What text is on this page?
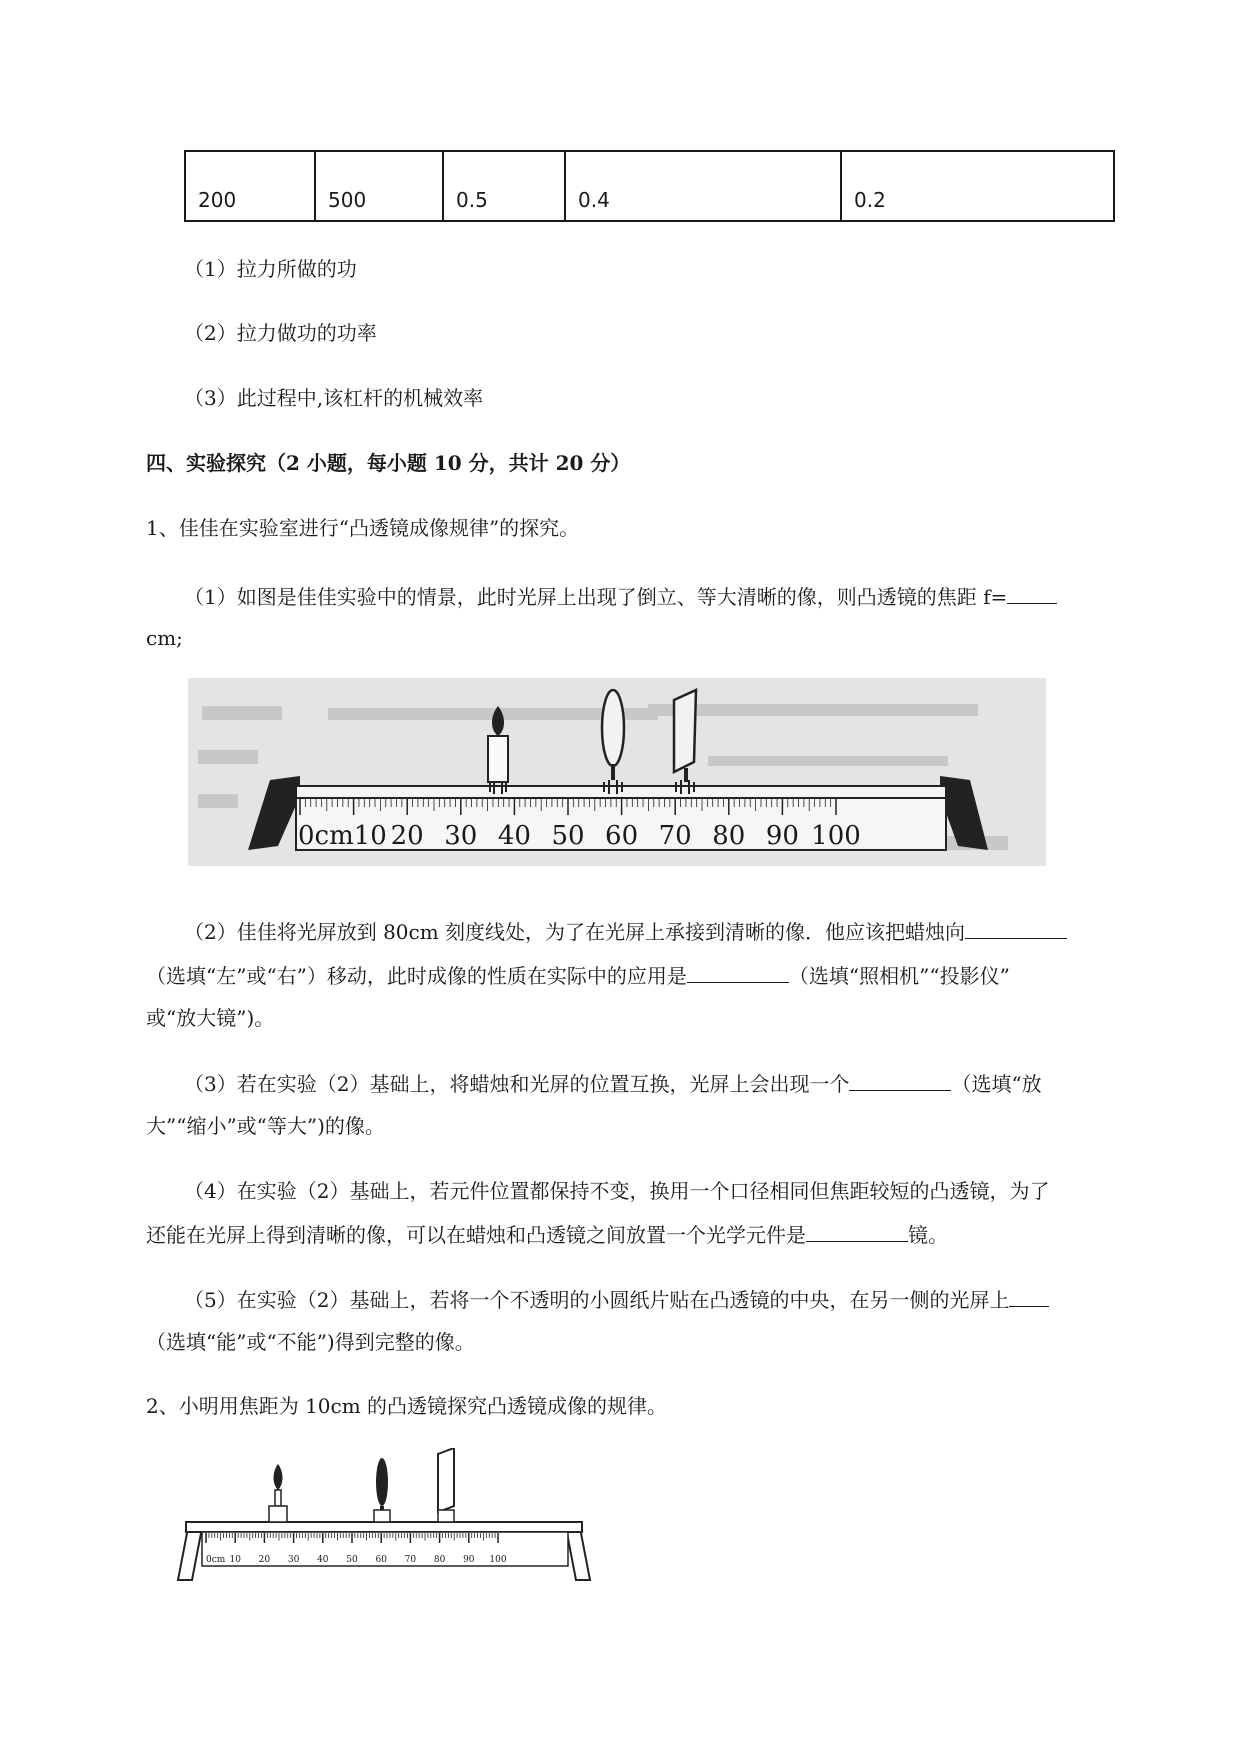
200	500	0.5	0.4	0.2
（1）拉力所做的功
（2）拉力做功的功率
（3）此过程中,该杠杆的机械效率
四、实验探究（2 小题，每小题 10 分，共计 20 分）
1、佳佳在实验室进行“凸透镜成像规律”的探究。
（1）如图是佳佳实验中的情景，此时光屏上出现了倒立、等大清晰的像，则凸透镜的焦距 f=
cm;
0cm10 20 30 40 50 60 70 80 90 100
（2）佳佳将光屏放到 80cm 刻度线处，为了在光屏上承接到清晰的像．他应该把蜡烛向
（选填“左”或“右”）移动，此时成像的性质在实际中的应用是	（选填“照相机”“投影仪”
或“放大镜”)。
（3）若在实验（2）基础上，将蜡烛和光屏的位置互换，光屏上会出现一个	（选填“放
大”“缩小”或“等大”)的像。
（4）在实验（2）基础上，若元件位置都保持不变，换用一个口径相同但焦距较短的凸透镜，为了
还能在光屏上得到清晰的像，可以在蜡烛和凸透镜之间放置一个光学元件是	镜。
（5）在实验（2）基础上，若将一个不透明的小圆纸片贴在凸透镜的中央，在另一侧的光屏上
（选填“能”或“不能”)得到完整的像。
2、小明用焦距为 10cm 的凸透镜探究凸透镜成像的规律。
0cm 10 20 30 40 50 60 70 80 90 100
